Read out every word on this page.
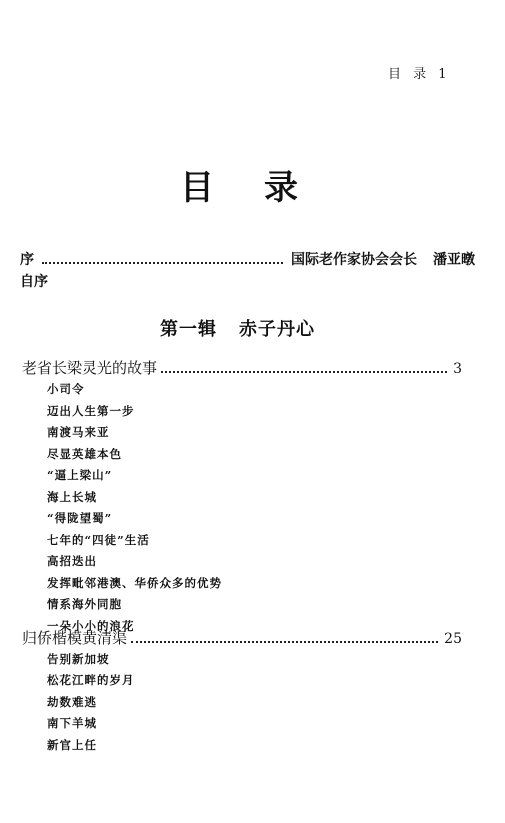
目 录 1
目录
序	国际老作家协会会长 潘亚暾
自序
第一辑 赤子丹心
老省长梁灵光的故事	3
小司令
迈出人生第一步
南渡马来亚
尽显英雄本色
“逼上梁山”
海上长城
“得陇望蜀”
七年的“四徒”生活
高招迭出
发挥毗邻港澳、华侨众多的优势
情系海外同胞
一朵小小的浪花
归侨楷模黄清渠	25
告别新加坡
松花江畔的岁月
劫数难逃
南下羊城
新官上任
